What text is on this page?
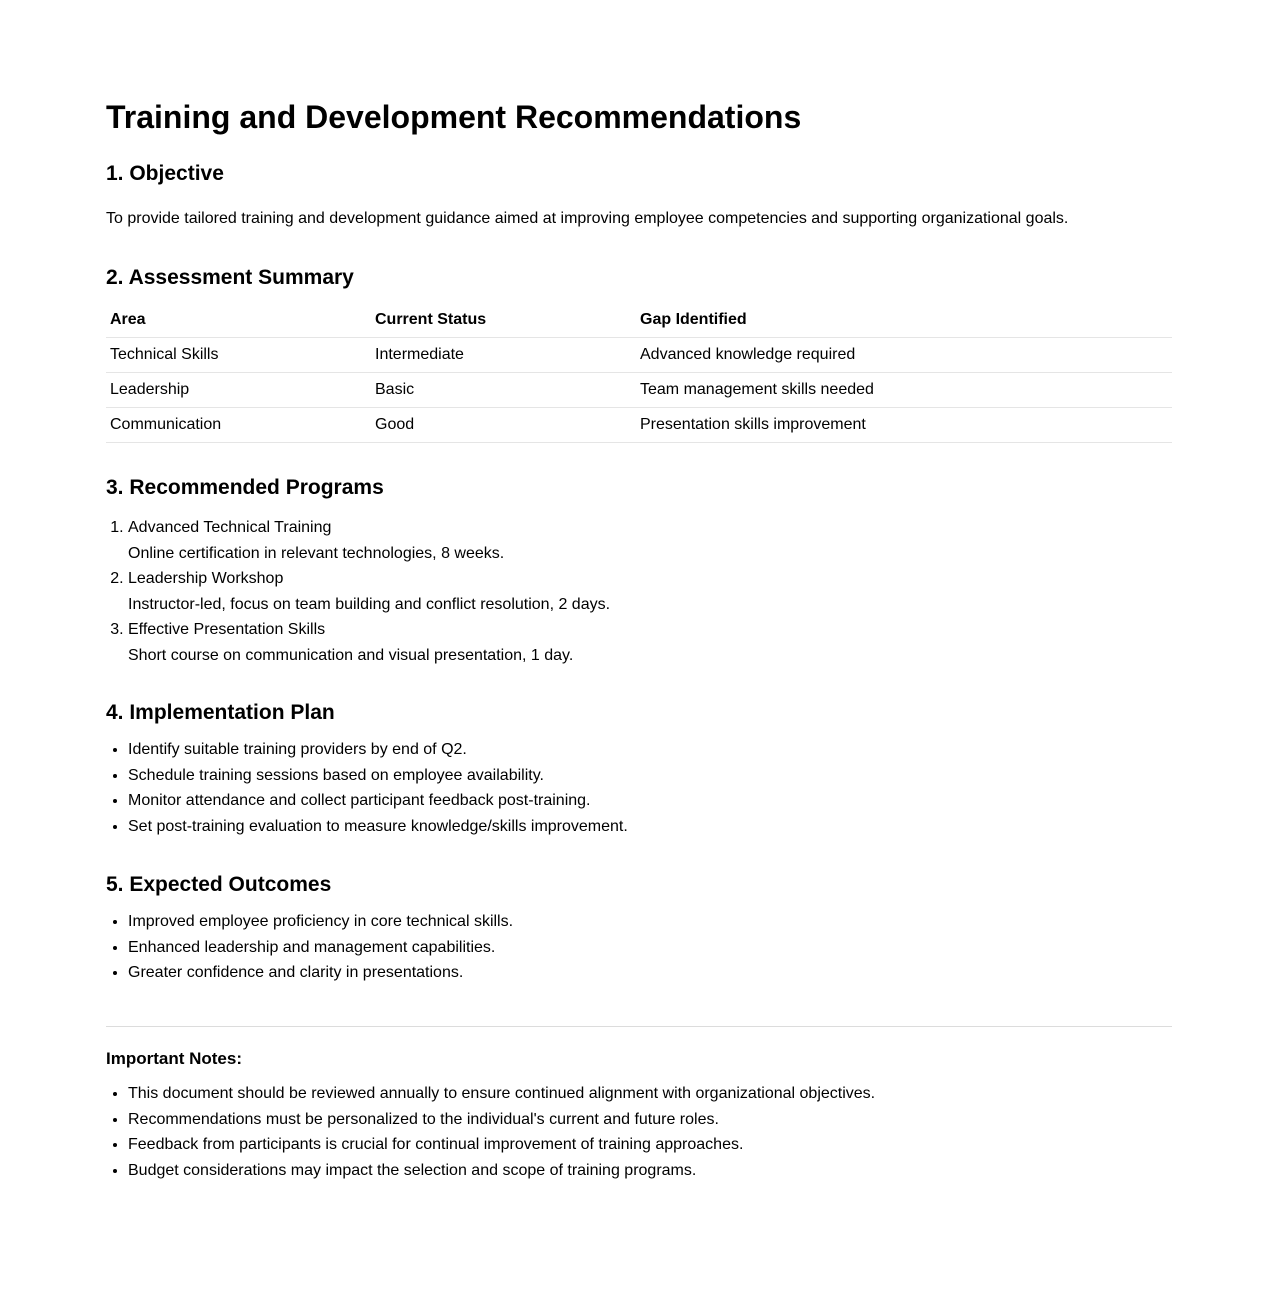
Training and Development Recommendations
1. Objective

To provide tailored training and development guidance aimed at improving employee competencies and supporting organizational goals.

2. Assessment Summary
Area	Current Status	Gap Identified
Technical Skills	Intermediate	Advanced knowledge required
Leadership	Basic	Team management skills needed
Communication	Good	Presentation skills improvement
3. Recommended Programs
1. Advanced Technical Training
Online certification in relevant technologies, 8 weeks.
2. Leadership Workshop
Instructor-led, focus on team building and conflict resolution, 2 days.
3. Effective Presentation Skills
Short course on communication and visual presentation, 1 day.
4. Implementation Plan
• Identify suitable training providers by end of Q2.
• Schedule training sessions based on employee availability.
• Monitor attendance and collect participant feedback post-training.
• Set post-training evaluation to measure knowledge/skills improvement.
5. Expected Outcomes
• Improved employee proficiency in core technical skills.
• Enhanced leadership and management capabilities.
• Greater confidence and clarity in presentations.

Important Notes:

• This document should be reviewed annually to ensure continued alignment with organizational objectives.
• Recommendations must be personalized to the individual's current and future roles.
• Feedback from participants is crucial for continual improvement of training approaches.
• Budget considerations may impact the selection and scope of training programs.
